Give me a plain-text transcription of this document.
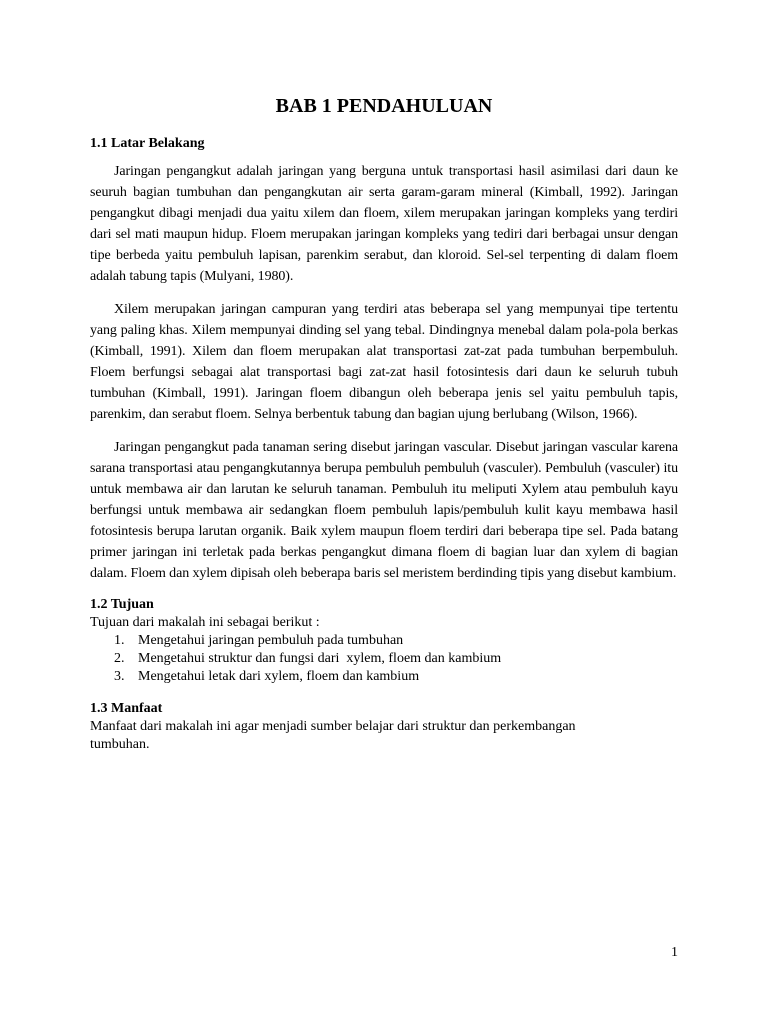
BAB 1 PENDAHULUAN
1.1 Latar Belakang

Jaringan pengangkut adalah jaringan yang berguna untuk transportasi hasil asimilasi dari daun ke seuruh bagian tumbuhan dan pengangkutan air serta garam-garam mineral (Kimball, 1992). Jaringan pengangkut dibagi menjadi dua yaitu xilem dan floem, xilem merupakan jaringan kompleks yang terdiri dari sel mati maupun hidup. Floem merupakan jaringan kompleks yang tediri dari berbagai unsur dengan tipe berbeda yaitu pembuluh lapisan, parenkim serabut, dan kloroid. Sel-sel terpenting di dalam floem adalah tabung tapis (Mulyani, 1980).

Xilem merupakan jaringan campuran yang terdiri atas beberapa sel yang mempunyai tipe tertentu yang paling khas. Xilem mempunyai dinding sel yang tebal. Dindingnya menebal dalam pola-pola berkas (Kimball, 1991). Xilem dan floem merupakan alat transportasi zat-zat pada tumbuhan berpembuluh. Floem berfungsi sebagai alat transportasi bagi zat-zat hasil fotosintesis dari daun ke seluruh tubuh tumbuhan (Kimball, 1991). Jaringan floem dibangun oleh beberapa jenis sel yaitu pembuluh tapis, parenkim, dan serabut floem. Selnya berbentuk tabung dan bagian ujung berlubang (Wilson, 1966).

Jaringan pengangkut pada tanaman sering disebut jaringan vascular. Disebut jaringan vascular karena sarana transportasi atau pengangkutannya berupa pembuluh pembuluh (vasculer). Pembuluh (vasculer) itu untuk membawa air dan larutan ke seluruh tanaman. Pembuluh itu meliputi Xylem atau pembuluh kayu berfungsi untuk membawa air sedangkan floem pembuluh lapis/pembuluh kulit kayu membawa hasil fotosintesis berupa larutan organik. Baik xylem maupun floem terdiri dari beberapa tipe sel. Pada batang primer jaringan ini terletak pada berkas pengangkut dimana floem di bagian luar dan xylem di bagian dalam. Floem dan xylem dipisah oleh beberapa baris sel meristem berdinding tipis yang disebut kambium.

1.2 Tujuan

Tujuan dari makalah ini sebagai berikut :

1. Mengetahui jaringan pembuluh pada tumbuhan
2. Mengetahui struktur dan fungsi dari  xylem, floem dan kambium
3. Mengetahui letak dari xylem, floem dan kambium
1.3 Manfaat

Manfaat dari makalah ini agar menjadi sumber belajar dari struktur dan perkembangan tumbuhan.

1
